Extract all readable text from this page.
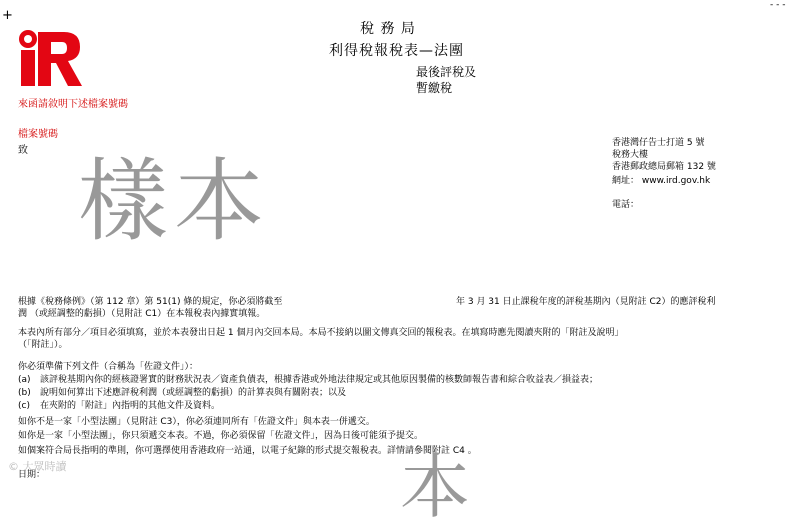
+
- - -
稅 務 局
利得稅報稅表—法團
最後評稅及
暫繳稅
來函請敘明下述檔案號碼
檔案號碼
致
香港灣仔告士打道 5 號
稅務大樓
香港郵政總局郵箱 132 號
網址： www.ird.gov.hk
電話：
樣本
根據《稅務條例》（第 112 章）第 51(1) 條的規定，你必須將截至	年 3 月 31 日止課稅年度的評稅基期內（見附註 C2）的應評稅利
潤 （或經調整的虧損）（見附註 C1）在本報稅表內據實填報。
本表內所有部分／項目必須填寫，並於本表發出日起 1 個月內交回本局。本局不接納以圖文傳真交回的報稅表。在填寫時應先閱讀夾附的「附註及說明」
（「附註」）。
你必須準備下列文件（合稱為「佐證文件」）：
(a) 該評稅基期內你的經核證署實的財務狀況表／資產負債表，根據香港或外地法律規定或其他原因製備的核數師報告書和綜合收益表／損益表；
(b) 說明如何算出下述應評稅利潤（或經調整的虧損）的計算表與有關附表；以及
(c) 在夾附的「附註」內指明的其他文件及資料。
如你不是一家「小型法團」（見附註 C3），你必須連同所有「佐證文件」與本表一併遞交。
如你是一家「小型法團」，你只須遞交本表。不過，你必須保留「佐證文件」，因為日後可能須予提交。
如個案符合局長指明的準則，你可選擇使用香港政府一站通，以電子紀錄的形式提交報稅表。詳情請參閱附註 C4 。
本
日期：
© 大眾時讀
